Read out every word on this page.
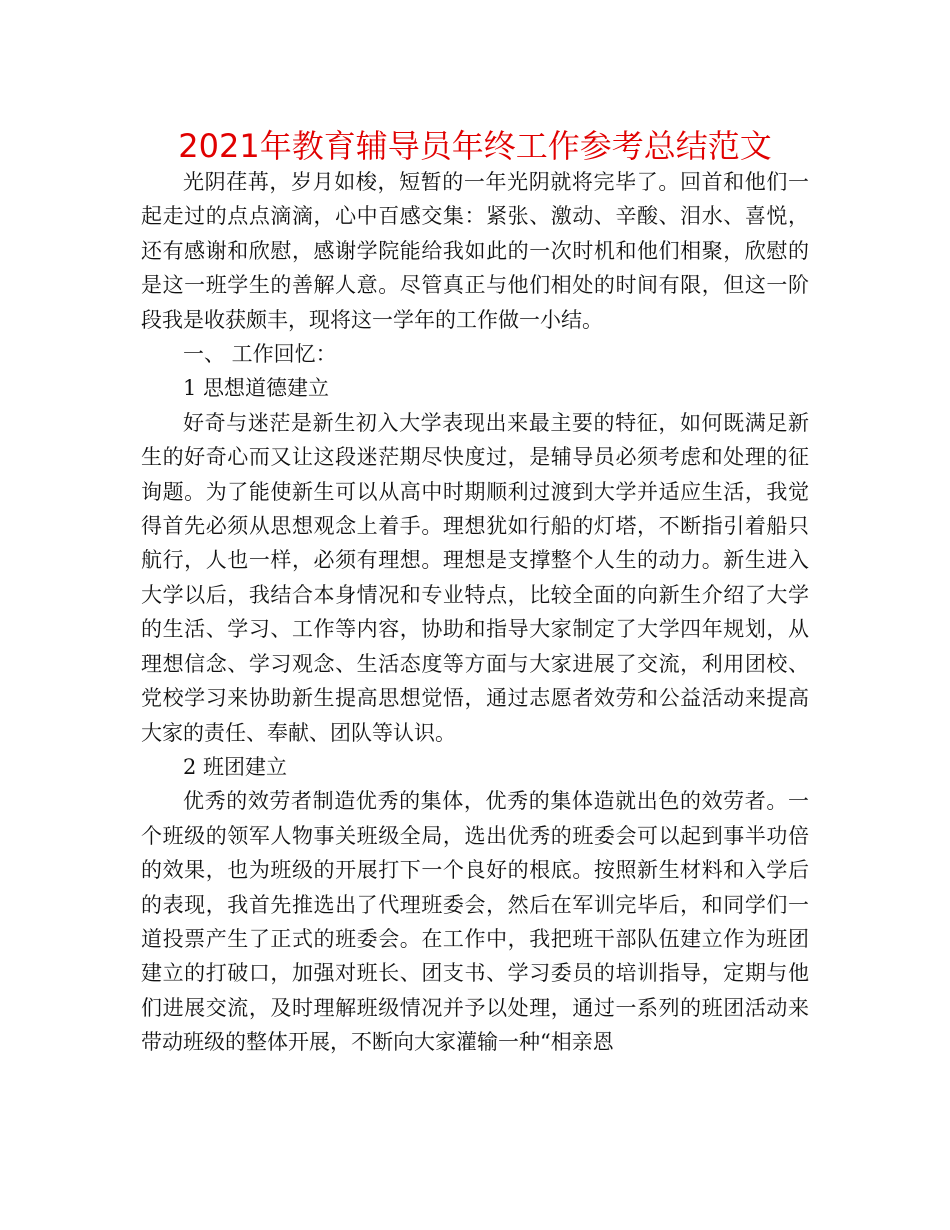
2021年教育辅导员年终工作参考总结范文

光阴荏苒，岁月如梭，短暂的一年光阴就将完毕了。回首和他们一起走过的点点滴滴，心中百感交集：紧张、激动、辛酸、泪水、喜悦，还有感谢和欣慰，感谢学院能给我如此的一次时机和他们相聚，欣慰的是这一班学生的善解人意。尽管真正与他们相处的时间有限，但这一阶段我是收获颇丰，现将这一学年的工作做一小结。

一、 工作回忆：

1 思想道德建立

好奇与迷茫是新生初入大学表现出来最主要的特征，如何既满足新生的好奇心而又让这段迷茫期尽快度过，是辅导员必须考虑和处理的征询题。为了能使新生可以从高中时期顺利过渡到大学并适应生活，我觉得首先必须从思想观念上着手。理想犹如行船的灯塔，不断指引着船只航行，人也一样，必须有理想。理想是支撑整个人生的动力。新生进入大学以后，我结合本身情况和专业特点，比较全面的向新生介绍了大学的生活、学习、工作等内容，协助和指导大家制定了大学四年规划，从理想信念、学习观念、生活态度等方面与大家进展了交流，利用团校、党校学习来协助新生提高思想觉悟，通过志愿者效劳和公益活动来提高大家的责任、奉献、团队等认识。

2 班团建立

优秀的效劳者制造优秀的集体，优秀的集体造就出色的效劳者。一个班级的领军人物事关班级全局，选出优秀的班委会可以起到事半功倍的效果，也为班级的开展打下一个良好的根底。按照新生材料和入学后的表现，我首先推选出了代理班委会，然后在军训完毕后，和同学们一道投票产生了正式的班委会。在工作中，我把班干部队伍建立作为班团建立的打破口，加强对班长、团支书、学习委员的培训指导，定期与他们进展交流，及时理解班级情况并予以处理，通过一系列的班团活动来带动班级的整体开展，不断向大家灌输一种“相亲恩
